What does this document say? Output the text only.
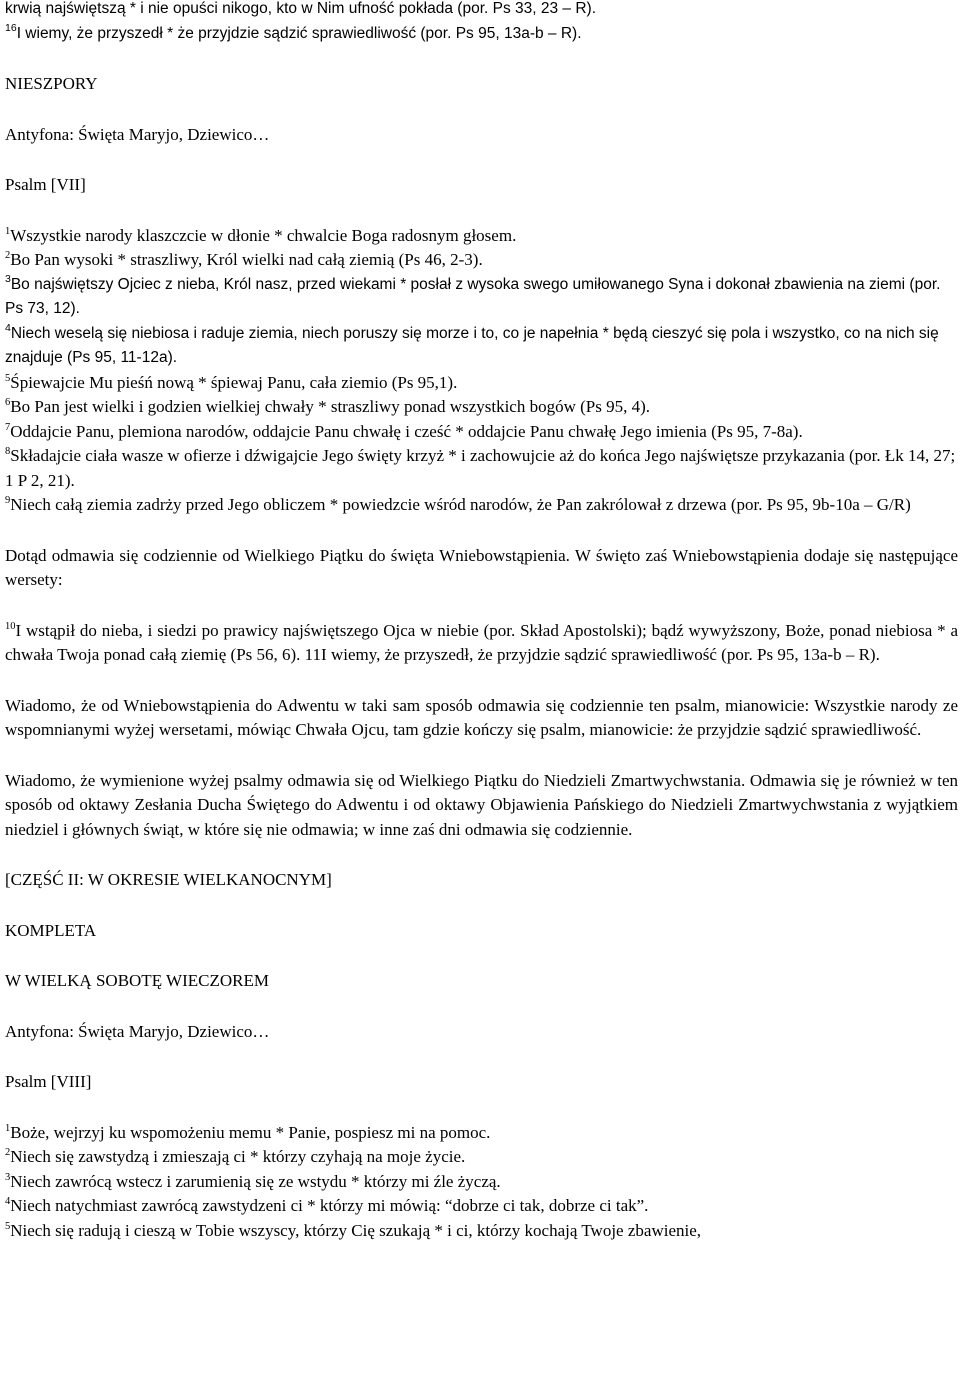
krwią najświętszą * i nie opuści nikogo, kto w Nim ufność pokłada (por. Ps 33, 23 – R).
$^{16}$I wiemy, że przyszedł * że przyjdzie sądzić sprawiedliwość (por. Ps 95, 13a-b – R).
NIESZPORY
Antyfona: Święta Maryjo, Dziewico…
Psalm [VII]
$^1$Wszystkie narody klaszczcie w dłonie * chwalcie Boga radosnym głosem.
$^2$Bo Pan wysoki * straszliwy, Król wielki nad całą ziemią (Ps 46, 2-3).
$^3$Bo najświętszy Ojciec z nieba, Król nasz, przed wiekami * posłał z wysoka swego umiłowanego Syna i dokonał zbawienia na ziemi (por. Ps 73, 12).
$^4$Niech weselą się niebiosa i raduje ziemia, niech poruszy się morze i to, co je napełnia * będą cieszyć się pola i wszystko, co na nich się znajduje (Ps 95, 11-12a).
$^5$Śpiewajcie Mu pieśń nową * śpiewaj Panu, cała ziemio (Ps 95,1).
$^6$Bo Pan jest wielki i godzien wielkiej chwały * straszliwy ponad wszystkich bogów (Ps 95, 4).
$^7$Oddajcie Panu, plemiona narodów, oddajcie Panu chwałę i cześć * oddajcie Panu chwałę Jego imienia (Ps 95, 7-8a).
$^8$Składajcie ciała wasze w ofierze i dźwigajcie Jego święty krzyż * i zachowujcie aż do końca Jego najświętsze przykazania (por. Łk 14, 27; 1 P 2, 21).
$^9$Niech całą ziemia zadrży przed Jego obliczem * powiedzcie wśród narodów, że Pan zakrólował z drzewa (por. Ps 95, 9b-10a – G/R)
Dotąd odmawia się codziennie od Wielkiego Piątku do święta Wniebowstąpienia. W święto zaś Wniebowstąpienia dodaje się następujące wersety:
$^{10}$I wstąpił do nieba, i siedzi po prawicy najświętszego Ojca w niebie (por. Skład Apostolski); bądź wywyższony, Boże, ponad niebiosa * a chwała Twoja ponad całą ziemię (Ps 56, 6). 11I wiemy, że przyszedł, że przyjdzie sądzić sprawiedliwość (por. Ps 95, 13a-b – R).
Wiadomo, że od Wniebowstąpienia do Adwentu w taki sam sposób odmawia się codziennie ten psalm, mianowicie: Wszystkie narody ze wspomnianymi wyżej wersetami, mówiąc Chwała Ojcu, tam gdzie kończy się psalm, mianowicie: że przyjdzie sądzić sprawiedliwość.
Wiadomo, że wymienione wyżej psalmy odmawia się od Wielkiego Piątku do Niedzieli Zmartwychwstania. Odmawia się je również w ten sposób od oktawy Zesłania Ducha Świętego do Adwentu i od oktawy Objawienia Pańskiego do Niedzieli Zmartwychwstania z wyjątkiem niedziel i głównych świąt, w które się nie odmawia; w inne zaś dni odmawia się codziennie.
[CZĘŚĆ II: W OKRESIE WIELKANOCNYM]
KOMPLETA
W WIELKĄ SOBOTĘ WIECZOREM
Antyfona: Święta Maryjo, Dziewico…
Psalm [VIII]
$^1$Boże, wejrzyj ku wspomożeniu memu * Panie, pospiesz mi na pomoc.
$^2$Niech się zawstydzą i zmieszają ci * którzy czyhają na moje życie.
$^3$Niech zawrócą wstecz i zarumienią się ze wstydu * którzy mi źle życzą.
$^4$Niech natychmiast zawrócą zawstydzeni ci * którzy mi mówią: “dobrze ci tak, dobrze ci tak”.
$^5$Niech się radują i cieszą w Tobie wszyscy, którzy Cię szukają * i ci, którzy kochają Twoje zbawienie,
